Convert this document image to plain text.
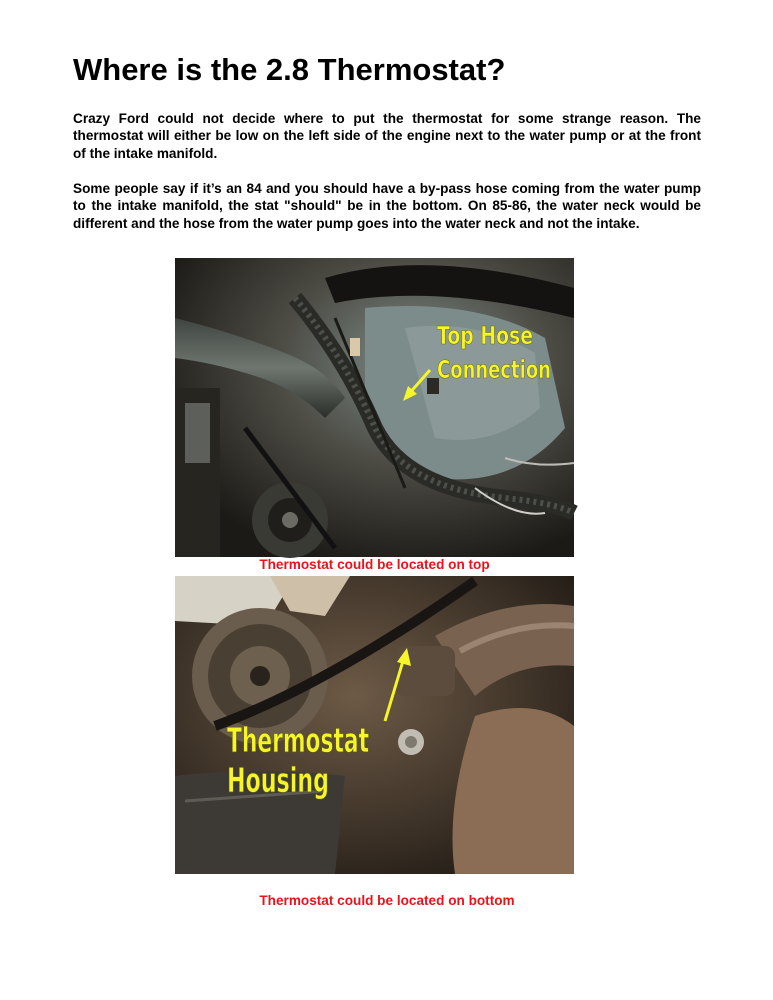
Where is the 2.8 Thermostat?

Crazy Ford could not decide where to put the thermostat for some strange reason. The thermostat will either be low on the left side of the engine next to the water pump or at the front of the intake manifold.

Some people say if it’s an 84 and you should have a by-pass hose coming from the water pump to the intake manifold, the stat "should" be in the bottom. On 85-86, the water neck would be different and the hose from the water pump goes into the water neck and not the intake.

Top Hose
Connection

Thermostat could be located on top

Thermostat
Housing

Thermostat could be located on bottom
